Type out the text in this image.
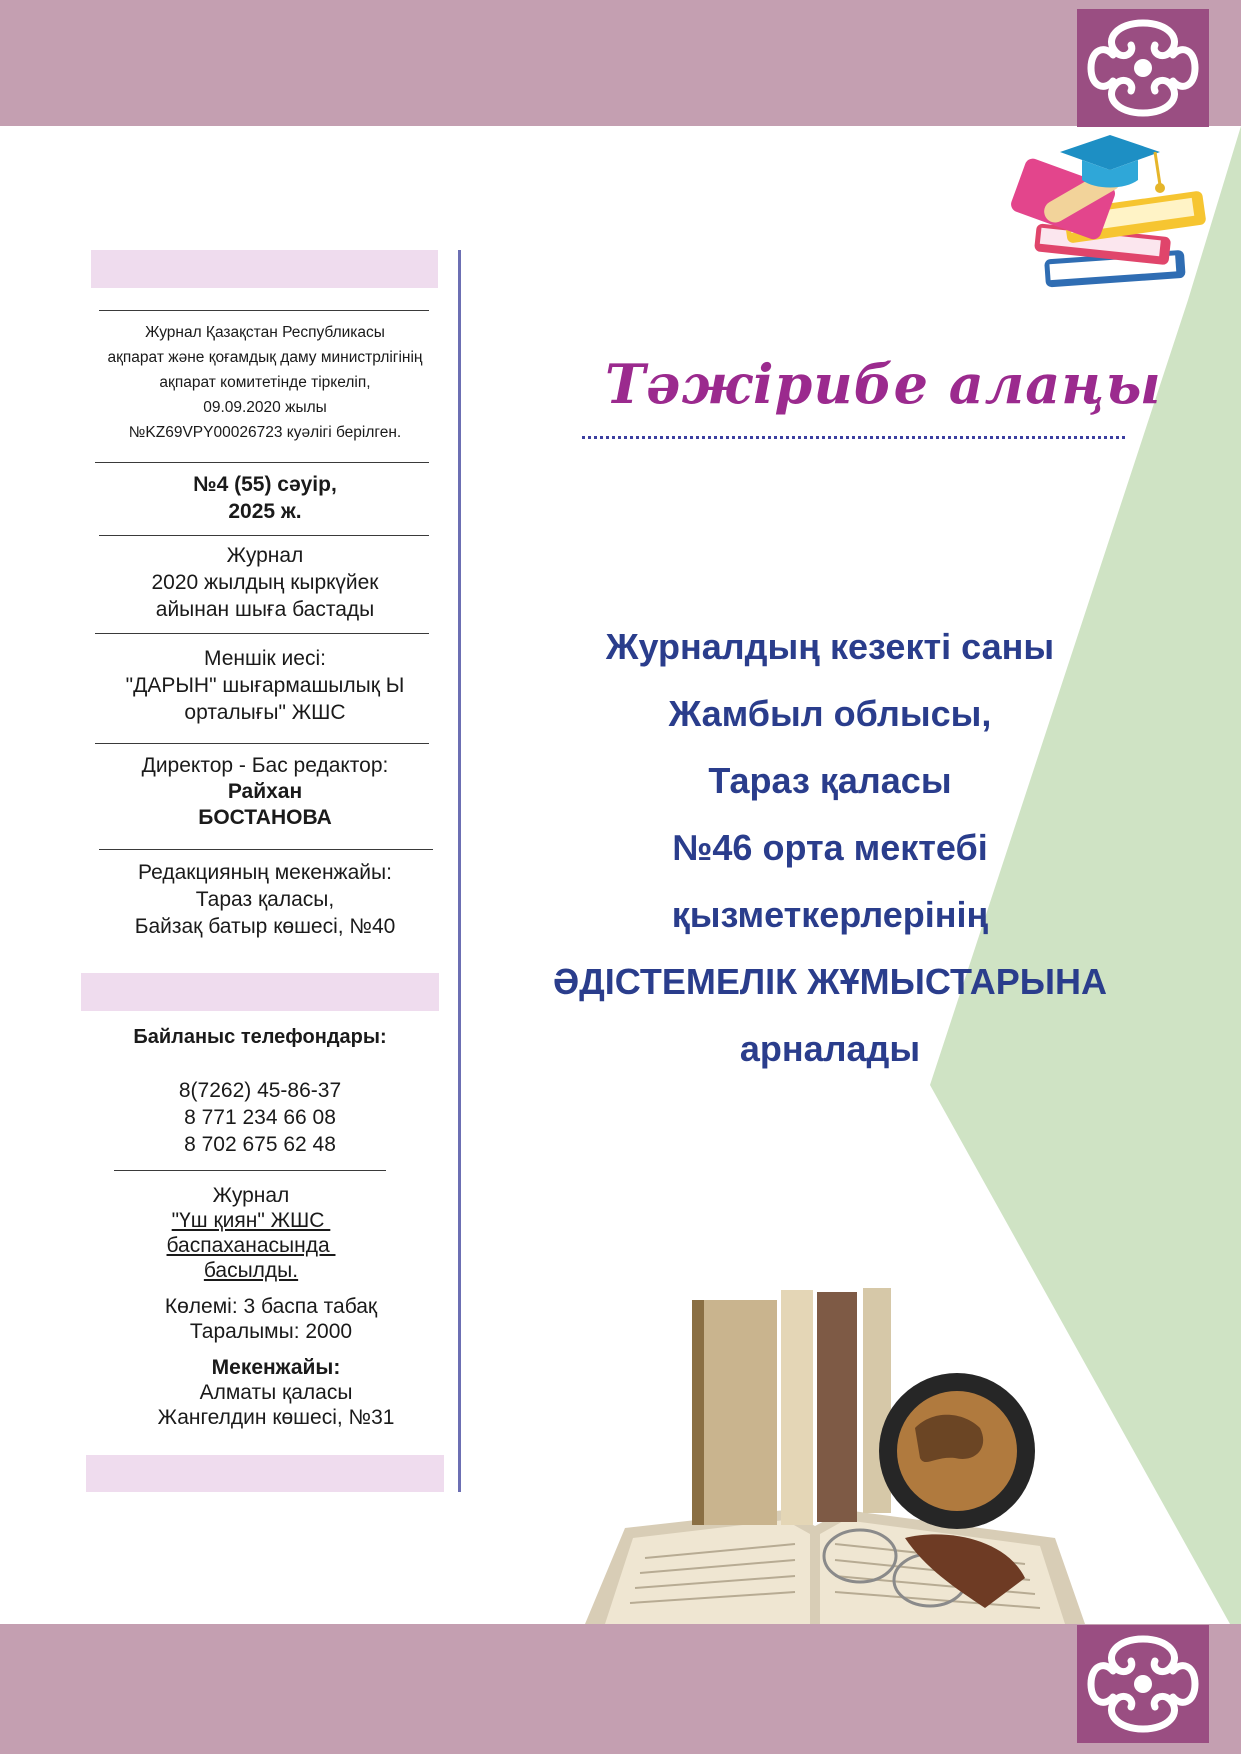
Тәжірибе алаңы
Журнал Қазақстан Республикасы
ақпарат және қоғамдық даму министрлігінің
ақпарат комитетінде тіркеліп,
09.09.2020 жылы
№KZ69VPY00026723 куәлігі берілген.
№4 (55) сәуір,
2025 ж.
Журнал
2020 жылдың кыркүйек
айынан шыға бастады
Меншік иесі:
"ДАРЫН" шығармашылық Ы
орталығы" ЖШС
Директор - Бас редактор:
Райхан
БОСТАНОВА
Редакцияның мекенжайы:
Тараз қаласы,
Байзақ батыр көшесі, №40
Байланыс телефондары:
8(7262) 45-86-37
8 771 234 66 08
8 702 675 62 48
Журнал
"Үш қиян" ЖШС
баспаханасында
басылды.
Көлемі: 3 баспа табақ
Таралымы: 2000
Мекенжайы:
Алматы қаласы
Жангелдин көшесі, №31
Журналдың кезекті саны
Жамбыл облысы,
Тараз қаласы
№46 орта мектебі
қызметкерлерінің
ӘДІСТЕМЕЛІК ЖҰМЫСТАРЫНА
арналады
